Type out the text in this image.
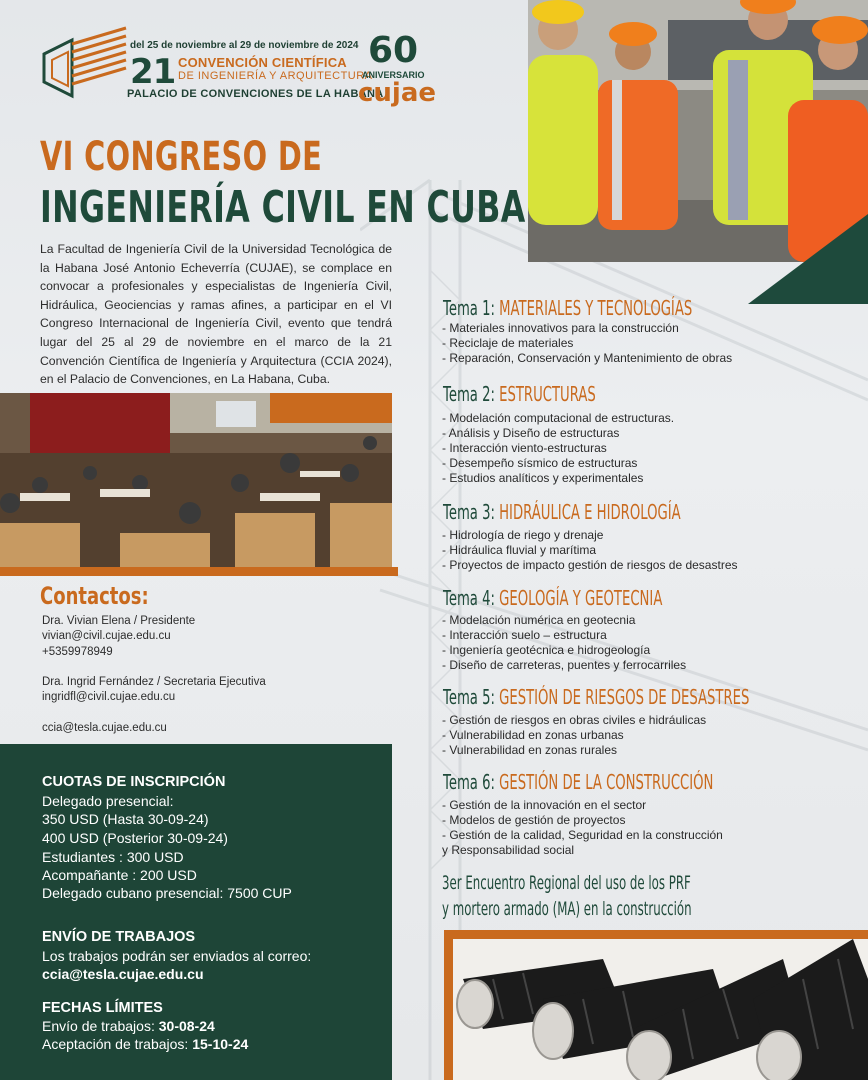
del 25 de noviembre al 29 de noviembre de 2024
21 CONVENCIÓN CIENTÍFICA
DE INGENIERÍA Y ARQUITECTURA
PALACIO DE CONVENCIONES DE LA HABANA
60
ANIVERSARIO
cujae
VI CONGRESO DE
INGENIERÍA CIVIL EN CUBA

La Facultad de Ingeniería Civil de la Universidad Tecnológica de la Habana José Antonio Echeverría (CUJAE), se complace en convocar a profesionales y especialistas de Ingeniería Civil, Hidráulica, Geociencias y ramas afines, a participar en el VI Congreso Internacional de Ingeniería Civil, evento que tendrá lugar del 25 al 29 de noviembre en el marco de la 21 Convención Científica de Ingeniería y Arquitectura (CCIA 2024), en el Palacio de Convenciones, en La Habana, Cuba.

Contactos:
Dra. Vivian Elena / Presidente
vivian@civil.cujae.edu.cu
+5359978949
Dra. Ingrid Fernández / Secretaria Ejecutiva
ingridfl@civil.cujae.edu.cu
ccia@tesla.cujae.edu.cu
CUOTAS DE INSCRIPCIÓN
Delegado presencial:
350 USD (Hasta 30-09-24)
400 USD (Posterior 30-09-24)
Estudiantes : 300 USD
Acompañante : 200 USD
Delegado cubano presencial: 7500 CUP
ENVÍO DE TRABAJOS
Los trabajos podrán ser enviados al correo:
ccia@tesla.cujae.edu.cu
FECHAS LÍMITES
Envío de trabajos: 30-08-24
Aceptación de trabajos: 15-10-24
Tema 1: MATERIALES Y TECNOLOGÍAS
- Materiales innovativos para la construcción
- Reciclaje de materiales
- Reparación, Conservación y Mantenimiento de obras
Tema 2: ESTRUCTURAS
- Modelación computacional de estructuras.
- Análisis y Diseño de estructuras
- Interacción viento-estructuras
- Desempeño sísmico de estructuras
- Estudios analíticos y experimentales
Tema 3: HIDRÁULICA E HIDROLOGÍA
- Hidrología de riego y drenaje
- Hidráulica fluvial y marítima
- Proyectos de impacto gestión de riesgos de desastres
Tema 4: GEOLOGÍA Y GEOTECNIA
- Modelación numérica en geotecnia
- Interacción suelo – estructura
- Ingeniería geotécnica e hidrogeología
- Diseño de carreteras, puentes y ferrocarriles
Tema 5: GESTIÓN DE RIESGOS DE DESASTRES
- Gestión de riesgos en obras civiles e hidráulicas
- Vulnerabilidad en zonas urbanas
- Vulnerabilidad en zonas rurales
Tema 6: GESTIÓN DE LA CONSTRUCCIÓN
- Gestión de la innovación en el sector
- Modelos de gestión de proyectos
- Gestión de la calidad, Seguridad en la construcción
y Responsabilidad social
3er Encuentro Regional del uso de los PRF
y mortero armado (MA) en la construcción
